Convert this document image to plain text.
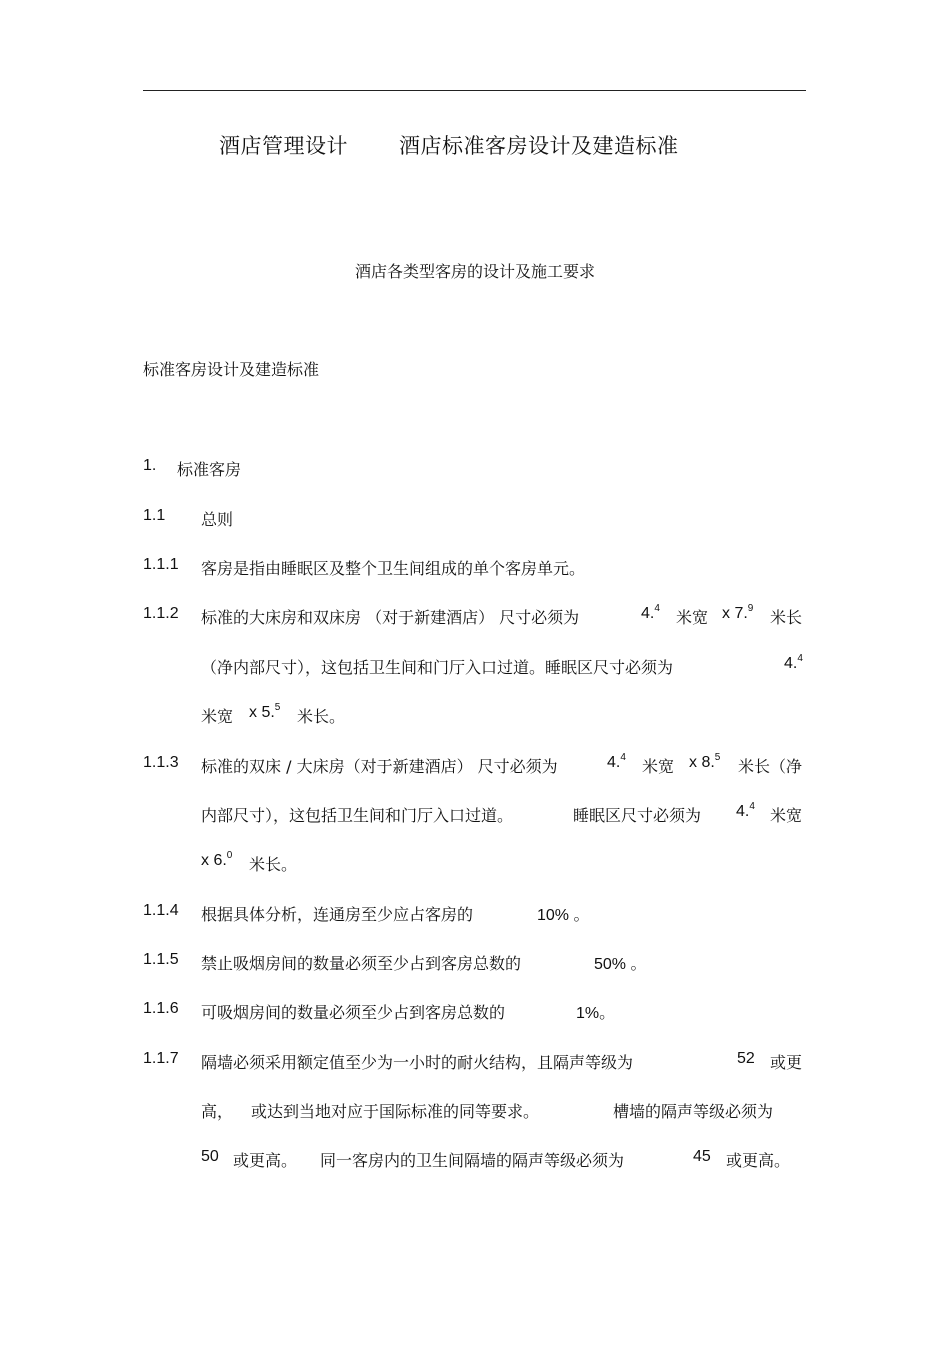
酒店管理设计 酒店标准客房设计及建造标准
酒店各类型客房的设计及施工要求
标准客房设计及建造标准
1. 标准客房
1.1 总则
1.1.1 客房是指由睡眠区及整个卫生间组成的单个客房单元。
1.1.2 标准的大床房和双床房 （对于新建酒店） 尺寸必须为	4.$^4$ 米宽 x 7.$^9$ 米长
（净内部尺寸），这包括卫生间和门厅入口过道。睡眠区尺寸必须为	4.$^4$
米宽 x 5.$^5$ 米长。
1.1.3 标准的双床 / 大床房（对于新建酒店） 尺寸必须为	4.$^4$ 米宽 x 8.$^5$ 米长（净
内部尺寸），这包括卫生间和门厅入口过道。	睡眠区尺寸必须为 4.$^4$ 米宽
x 6.$^0$ 米长。
1.1.4 根据具体分析，连通房至少应占客房的	10% 。
1.1.5 禁止吸烟房间的数量必须至少占到客房总数的	50% 。
1.1.6 可吸烟房间的数量必须至少占到客房总数的	1%。
1.1.7 隔墙必须采用额定值至少为一小时的耐火结构，且隔声等级为	52 或更
高， 或达到当地对应于国际标准的同等要求。	槽墙的隔声等级必须为
50 或更高。 同一客房内的卫生间隔墙的隔声等级必须为	45 或更高。
